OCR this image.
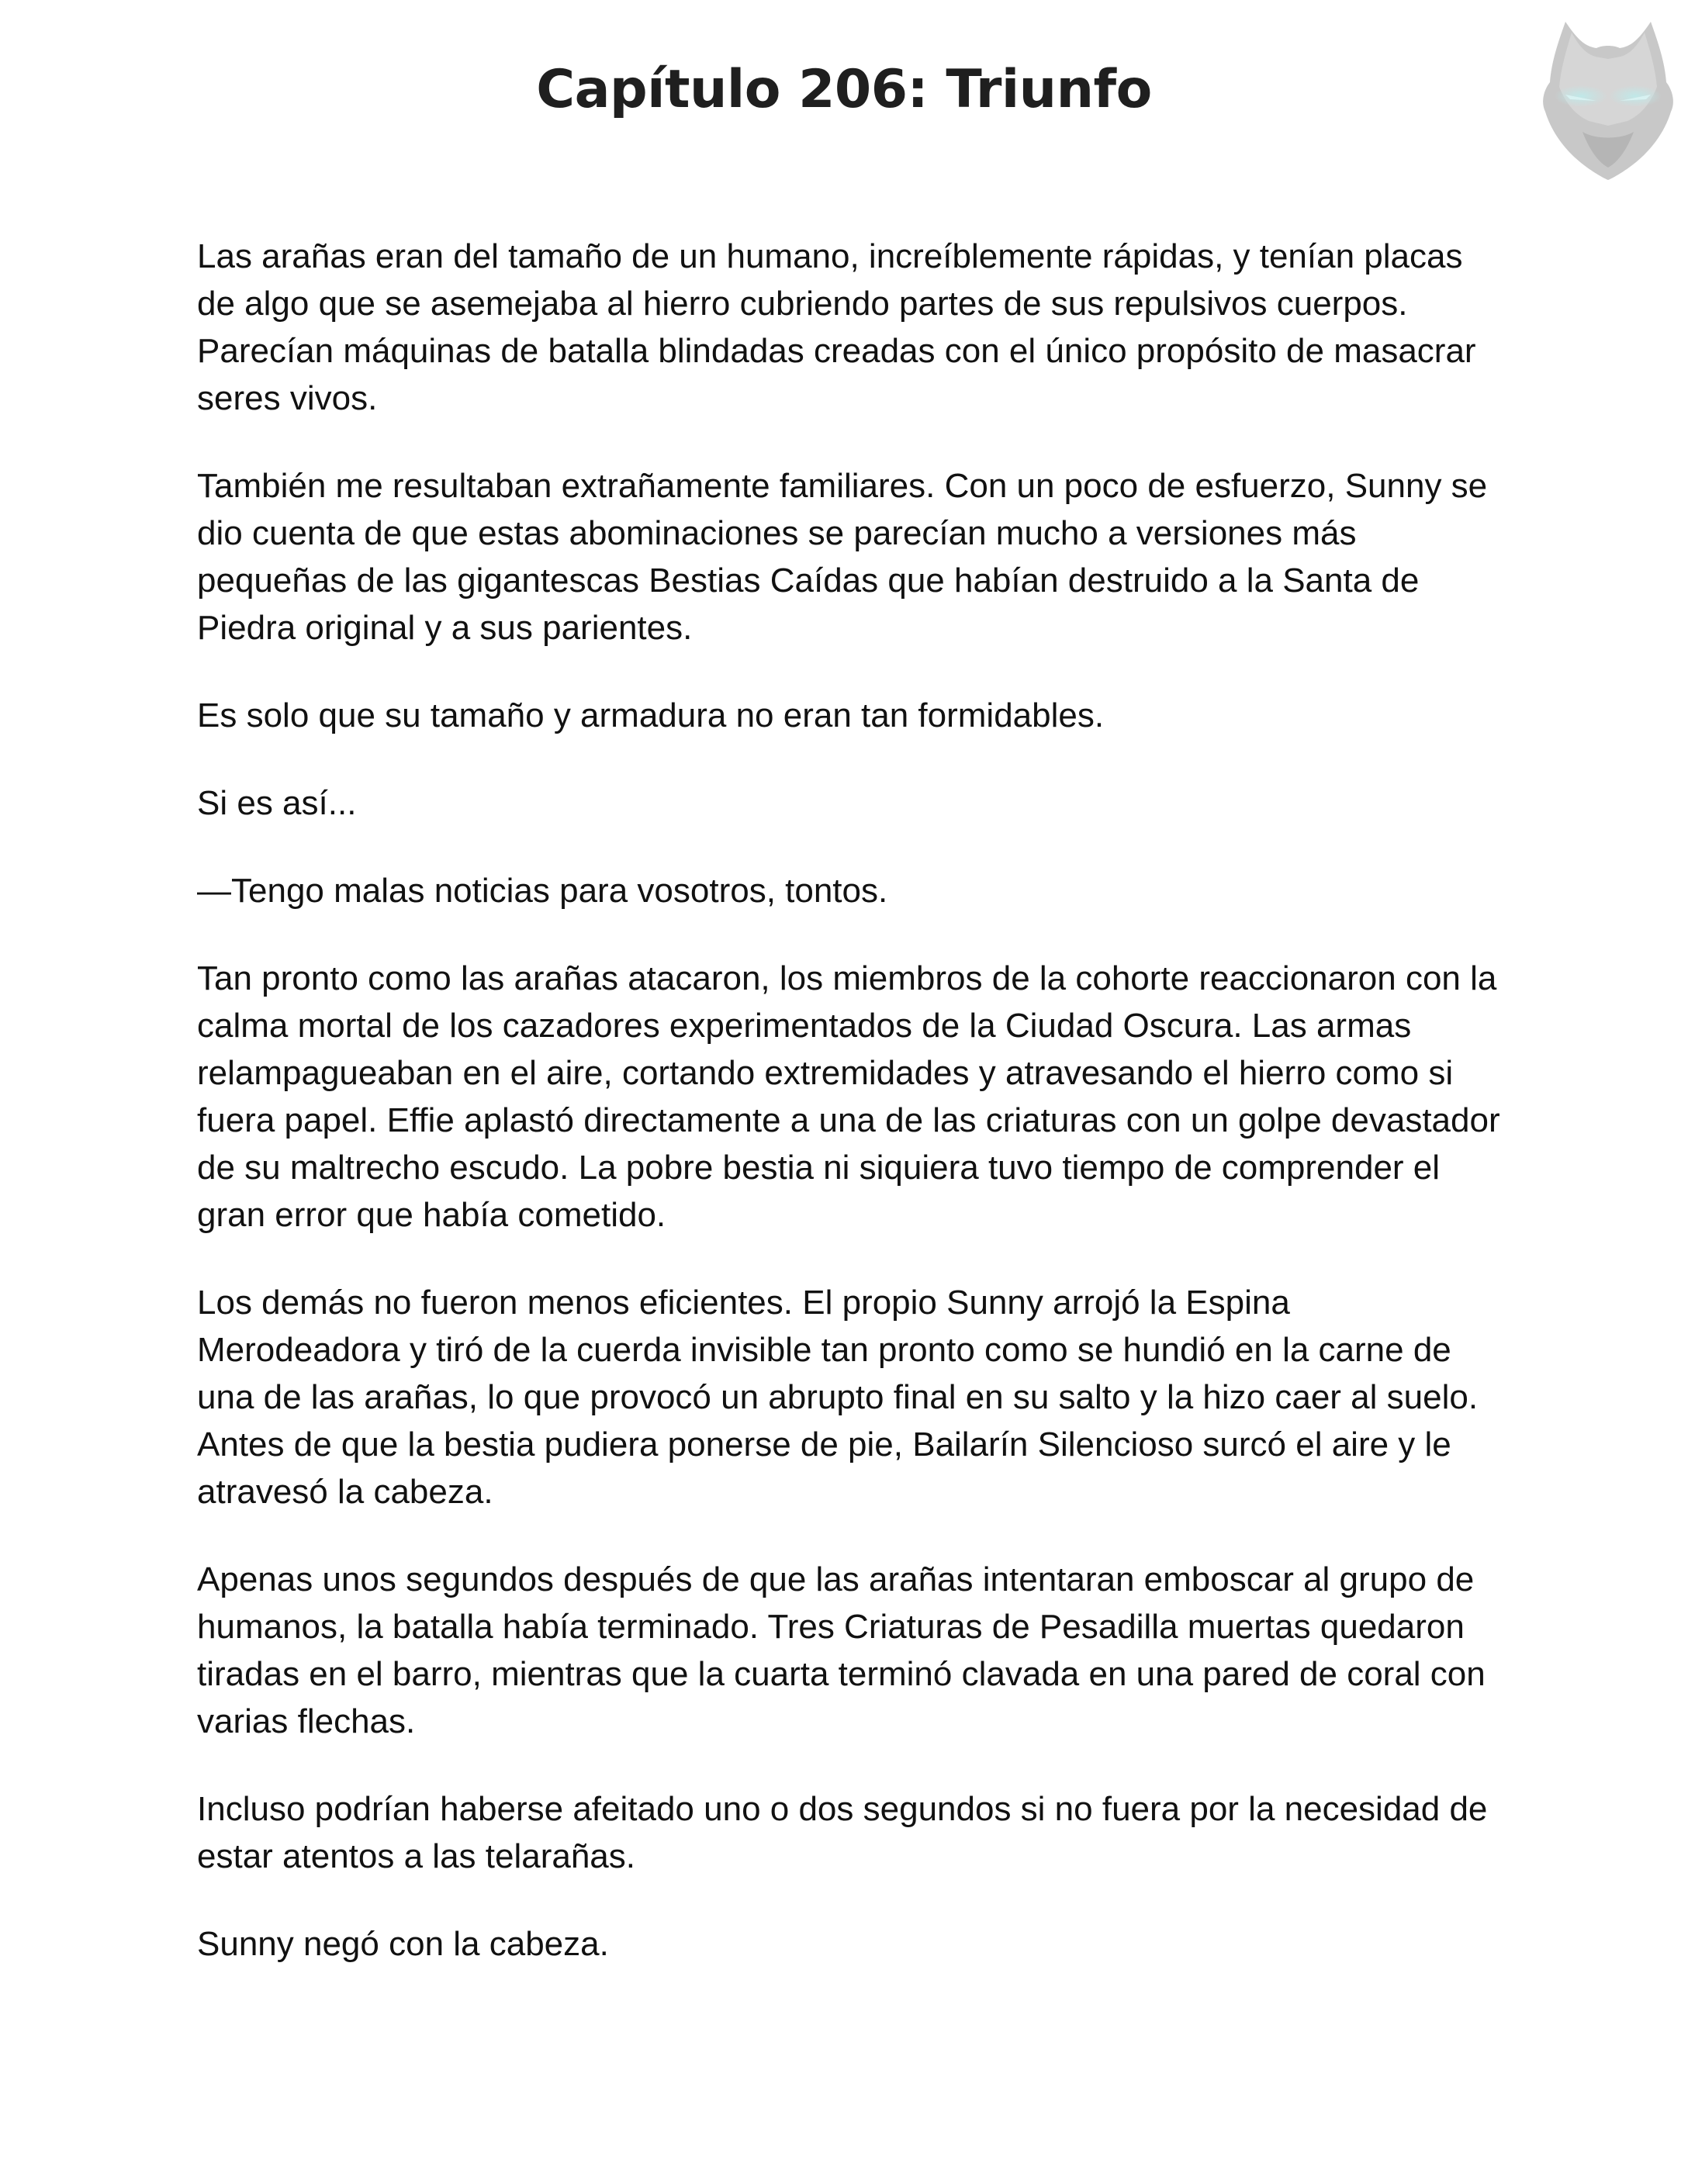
Capítulo 206: Triunfo

Las arañas eran del tamaño de un humano, increíblemente rápidas, y tenían placas de algo que se asemejaba al hierro cubriendo partes de sus repulsivos cuerpos. Parecían máquinas de batalla blindadas creadas con el único propósito de masacrar seres vivos.

También me resultaban extrañamente familiares. Con un poco de esfuerzo, Sunny se dio cuenta de que estas abominaciones se parecían mucho a versiones más pequeñas de las gigantescas Bestias Caídas que habían destruido a la Santa de Piedra original y a sus parientes.

Es solo que su tamaño y armadura no eran tan formidables.

Si es así...

—Tengo malas noticias para vosotros, tontos.

Tan pronto como las arañas atacaron, los miembros de la cohorte reaccionaron con la calma mortal de los cazadores experimentados de la Ciudad Oscura. Las armas relampagueaban en el aire, cortando extremidades y atravesando el hierro como si fuera papel. Effie aplastó directamente a una de las criaturas con un golpe devastador de su maltrecho escudo. La pobre bestia ni siquiera tuvo tiempo de comprender el gran error que había cometido.

Los demás no fueron menos eficientes. El propio Sunny arrojó la Espina Merodeadora y tiró de la cuerda invisible tan pronto como se hundió en la carne de una de las arañas, lo que provocó un abrupto final en su salto y la hizo caer al suelo. Antes de que la bestia pudiera ponerse de pie, Bailarín Silencioso surcó el aire y le atravesó la cabeza.

Apenas unos segundos después de que las arañas intentaran emboscar al grupo de humanos, la batalla había terminado. Tres Criaturas de Pesadilla muertas quedaron tiradas en el barro, mientras que la cuarta terminó clavada en una pared de coral con varias flechas.

Incluso podrían haberse afeitado uno o dos segundos si no fuera por la necesidad de estar atentos a las telarañas.

Sunny negó con la cabeza.
